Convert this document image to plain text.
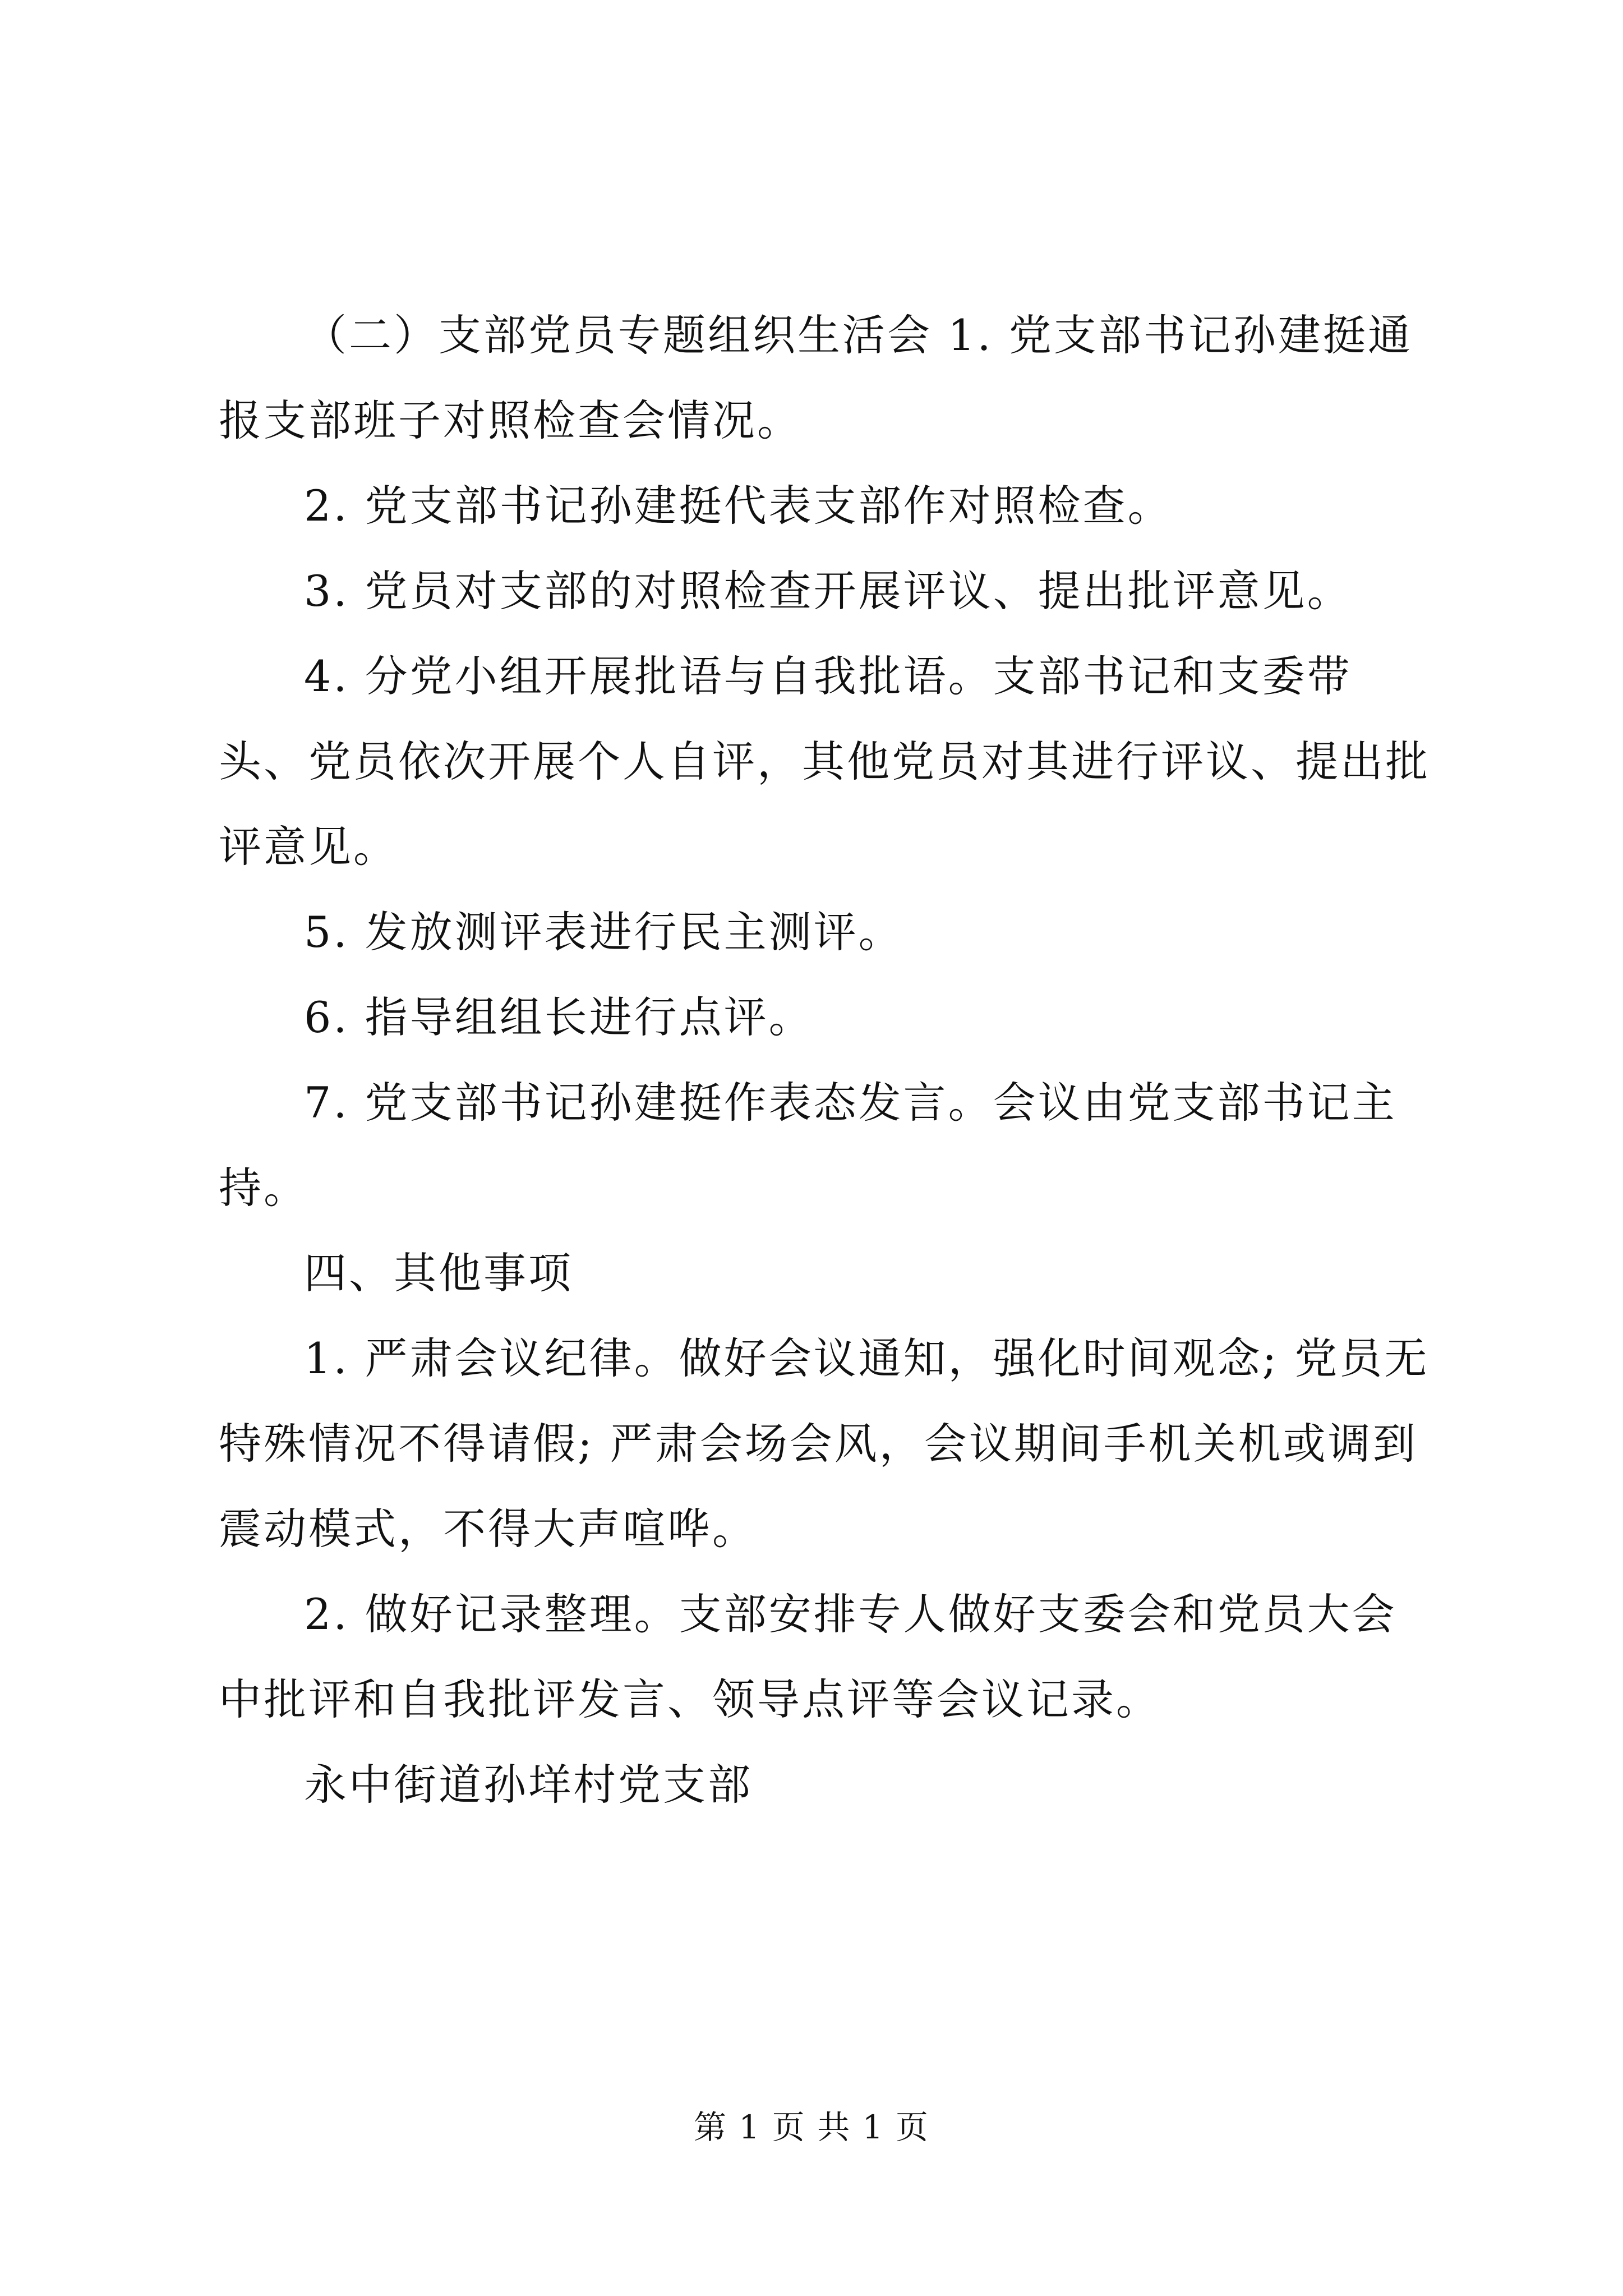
（二）支部党员专题组织生活会 1. 党支部书记孙建挺通报支部班子对照检查会情况。

2. 党支部书记孙建挺代表支部作对照检查。

3. 党员对支部的对照检查开展评议、提出批评意见。

4. 分党小组开展批语与自我批语。支部书记和支委带头、党员依次开展个人自评，其他党员对其进行评议、提出批评意见。

5. 发放测评表进行民主测评。

6. 指导组组长进行点评。

7. 党支部书记孙建挺作表态发言。会议由党支部书记主持。

四、其他事项

1. 严肃会议纪律。做好会议通知，强化时间观念; 党员无特殊情况不得请假; 严肃会场会风，会议期间手机关机或调到震动模式，不得大声喧哗。

2. 做好记录整理。支部安排专人做好支委会和党员大会中批评和自我批评发言、领导点评等会议记录。

永中街道孙垟村党支部

第 1 页 共 1 页
